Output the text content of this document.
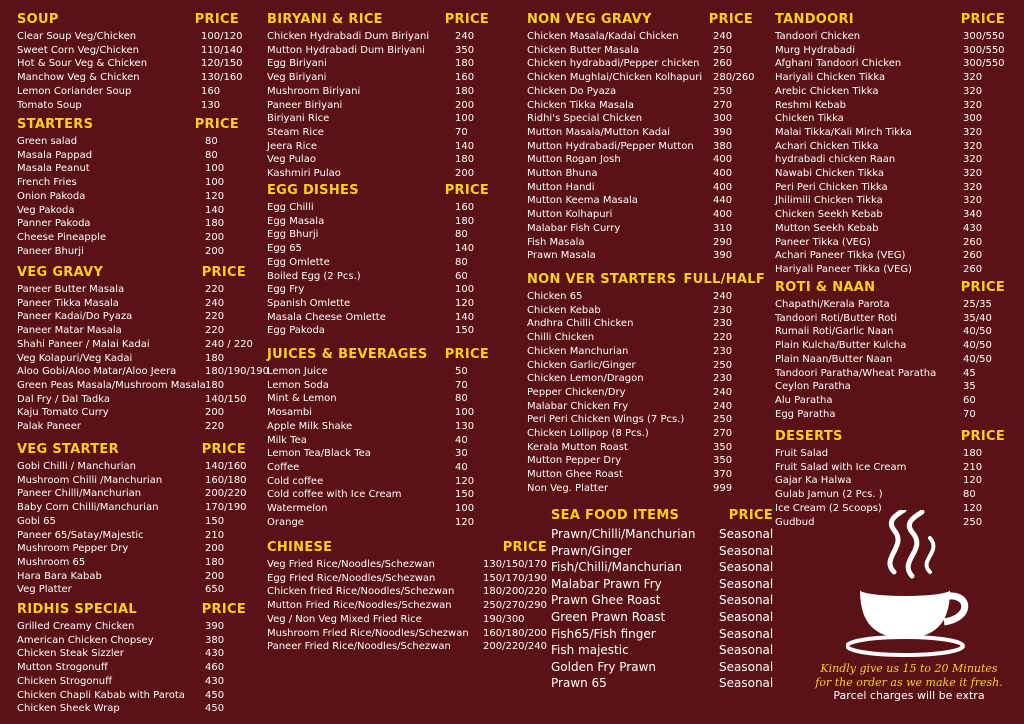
SOUP	PRICE
Clear Soup Veg/Chicken	100/120
Sweet Corn Veg/Chicken	110/140
Hot & Sour Veg & Chicken	120/150
Manchow Veg & Chicken	130/160
Lemon Coriander Soup	160
Tomato Soup	130
STARTERS	PRICE
Green salad	80
Masala Pappad	80
Masala Peanut	100
French Fries	100
Onion Pakoda	120
Veg Pakoda	140
Panner Pakoda	180
Cheese Pineapple	200
Paneer Bhurji	200
VEG GRAVY	PRICE
Paneer Butter Masala	220
Paneer Tikka Masala	240
Paneer Kadai/Do Pyaza	220
Paneer Matar Masala	220
Shahi Paneer / Malai Kadai	240 / 220
Veg Kolapuri/Veg Kadai	180
Aloo Gobi/Aloo Matar/Aloo Jeera	180/190/190
Green Peas Masala/Mushroom Masala 180
Dal Fry / Dal Tadka	140/150
Kaju Tomato Curry	200
Palak Paneer	220
VEG STARTER	PRICE
Gobi Chilli / Manchurian	140/160
Mushroom Chilli /Manchurian	160/180
Paneer Chilli/Manchurian	200/220
Baby Corn Chilli/Manchurian	170/190
Gobi 65	150
Paneer 65/Satay/Majestic	210
Mushroom Pepper Dry	200
Mushroom 65	180
Hara Bara Kabab	200
Veg Platter	650
RIDHIS SPECIAL	PRICE
Grilled Creamy Chicken	390
American Chicken Chopsey	380
Chicken Steak Sizzler	430
Mutton Strogonuff	460
Chicken Strogonuff	430
Chicken Chapli Kabab with Parota 450
Chicken Sheek Wrap	450
BIRYANI & RICE	PRICE
Chicken Hydrabadi Dum Biriyani	240
Mutton Hydrabadi Dum Biriyani	350
Egg Biriyani	180
Veg Biriyani	160
Mushroom Biriyani	180
Paneer Biriyani	200
Biriyani Rice	100
Steam Rice	70
Jeera Rice	140
Veg Pulao	180
Kashmiri Pulao	200
EGG DISHES	PRICE
Egg Chilli	160
Egg Masala	180
Egg Bhurji	80
Egg 65	140
Egg Omlette	80
Boiled Egg (2 Pcs.)	60
Egg Fry	100
Spanish Omlette	120
Masala Cheese Omlette	140
Egg Pakoda	150
JUICES & BEVERAGES PRICE
Lemon Juice	50
Lemon Soda	70
Mint & Lemon	80
Mosambi	100
Apple Milk Shake	130
Milk Tea	40
Lemon Tea/Black Tea	30
Coffee	40
Cold coffee	120
Cold coffee with Ice Cream	150
Watermelon	100
Orange	120
CHINESE	PRICE
Veg Fried Rice/Noodles/Schezwan	130/150/170
Egg Fried Rice/Noodles/Schezwan	150/170/190
Chicken fried Rice/Noodles/Schezwan	180/200/220
Mutton Fried Rice/Noodles/Schezwan	250/270/290
Veg / Non Veg Mixed Fried Rice	190/300
Mushroom Fried Rice/Noodles/Schezwan 160/180/200
Paneer Fried Rice/Noodles/Schezwan	200/220/240
NON VEG GRAVY	PRICE
Chicken Masala/Kadai Chicken	240
Chicken Butter Masala	250
Chicken hydrabadi/Pepper chicken 260
Chicken Mughlai/Chicken Kolhapuri 280/260
Chicken Do Pyaza	250
Chicken Tikka Masala	270
Ridhi's Special Chicken	300
Mutton Masala/Mutton Kadai	390
Mutton Hydrabadi/Pepper Mutton 380
Mutton Rogan Josh	400
Mutton Bhuna	400
Mutton Handi	400
Mutton Keema Masala	440
Mutton Kolhapuri	400
Malabar Fish Curry	310
Fish Masala	290
Prawn Masala	390
NON VER STARTERS FULL/HALF
Chicken 65	240
Chicken Kebab	230
Andhra Chilli Chicken	230
Chilli Chicken	220
Chicken Manchurian	230
Chicken Garlic/Ginger	250
Chicken Lemon/Dragon	230
Pepper Chicken/Dry	240
Malabar Chicken Fry	240
Peri Peri Chicken Wings (7 Pcs.)	250
Chicken Lollipop (8 Pcs.)	270
Kerala Mutton Roast	350
Mutton Pepper Dry	350
Mutton Ghee Roast	370
Non Veg. Platter	999
SEA FOOD ITEMS	PRICE
Prawn/Chilli/Manchurian Seasonal
Prawn/Ginger	Seasonal
Fish/Chilli/Manchurian	Seasonal
Malabar Prawn Fry	Seasonal
Prawn Ghee Roast	Seasonal
Green Prawn Roast	Seasonal
Fish65/Fish finger	Seasonal
Fish majestic	Seasonal
Golden Fry Prawn	Seasonal
Prawn 65	Seasonal
TANDOORI	PRICE
Tandoori Chicken	300/550
Murg Hydrabadi	300/550
Afghani Tandoori Chicken	300/550
Hariyali Chicken Tikka	320
Arebic Chicken Tikka	320
Reshmi Kebab	320
Chicken Tikka	300
Malai Tikka/Kali Mirch Tikka	320
Achari Chicken Tikka	320
hydrabadi chicken Raan	320
Nawabi Chicken Tikka	320
Peri Peri Chicken Tikka	320
Jhilimili Chicken Tikka	320
Chicken Seekh Kebab	340
Mutton Seekh Kebab	430
Paneer Tikka (VEG)	260
Achari Paneer Tikka (VEG)	260
Hariyali Paneer Tikka (VEG)	260
ROTI & NAAN	PRICE
Chapathi/Kerala Parota	25/35
Tandoori Roti/Butter Roti	35/40
Rumali Roti/Garlic Naan	40/50
Plain Kulcha/Butter Kulcha	40/50
Plain Naan/Butter Naan	40/50
Tandoori Paratha/Wheat Paratha	45
Ceylon Paratha	35
Alu Paratha	60
Egg Paratha	70
DESERTS	PRICE
Fruit Salad	180
Fruit Salad with Ice Cream	210
Gajar Ka Halwa	120
Gulab Jamun (2 Pcs. )	80
Ice Cream (2 Scoops)	120
Gudbud	250
Kindly give us 15 to 20 Minutes
for the order as we make it fresh.
Parcel charges will be extra
